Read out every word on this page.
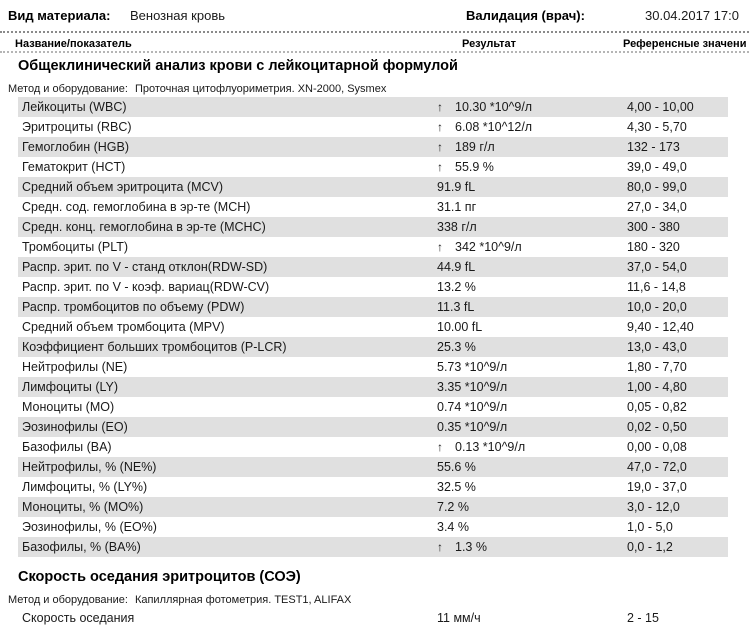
Вид материала: Венозная кровь	Валидация (врач):	30.04.2017 17:0
Название/показатель	Результат	Референсные значени
Общеклинический анализ крови с лейкоцитарной формулой
Метод и оборудование: Проточная цитофлуориметрия. XN-2000, Sysmex
Лейкоциты (WBC)	↑ 10.30 *10^9/л	4,00 - 10,00
Эритроциты (RBC)	↑ 6.08 *10^12/л	4,30 - 5,70
Гемоглобин (HGB)	↑ 189 г/л	132 - 173
Гематокрит (HCT)	↑ 55.9 %	39,0 - 49,0
Средний объем эритроцита (MCV)	91.9 fL	80,0 - 99,0
Средн. сод. гемоглобина в эр-те (MCH)	31.1 пг	27,0 - 34,0
Средн. конц. гемоглобина в эр-те (MCHC)	338 г/л	300 - 380
Тромбоциты (PLT)	↑ 342 *10^9/л	180 - 320
Распр. эрит. по V - станд отклон(RDW-SD)	44.9 fL	37,0 - 54,0
Распр. эрит. по V - коэф. вариац(RDW-CV)	13.2 %	11,6 - 14,8
Распр. тромбоцитов по объему (PDW)	11.3 fL	10,0 - 20,0
Средний объем тромбоцита (MPV)	10.00 fL	9,40 - 12,40
Коэффициент больших тромбоцитов (P-LCR)	25.3 %	13,0 - 43,0
Нейтрофилы (NE)	5.73 *10^9/л	1,80 - 7,70
Лимфоциты (LY)	3.35 *10^9/л	1,00 - 4,80
Моноциты (MO)	0.74 *10^9/л	0,05 - 0,82
Эозинофилы (EO)	0.35 *10^9/л	0,02 - 0,50
Базофилы (BA)	↑ 0.13 *10^9/л	0,00 - 0,08
Нейтрофилы, % (NE%)	55.6 %	47,0 - 72,0
Лимфоциты, % (LY%)	32.5 %	19,0 - 37,0
Моноциты, % (MO%)	7.2 %	3,0 - 12,0
Эозинофилы, % (EO%)	3.4 %	1,0 - 5,0
Базофилы, % (BA%)	↑ 1.3 %	0,0 - 1,2
Скорость оседания эритроцитов (СОЭ)
Метод и оборудование: Капиллярная фотометрия. TEST1, ALIFAX
Скорость оседания	11 мм/ч	2 - 15
